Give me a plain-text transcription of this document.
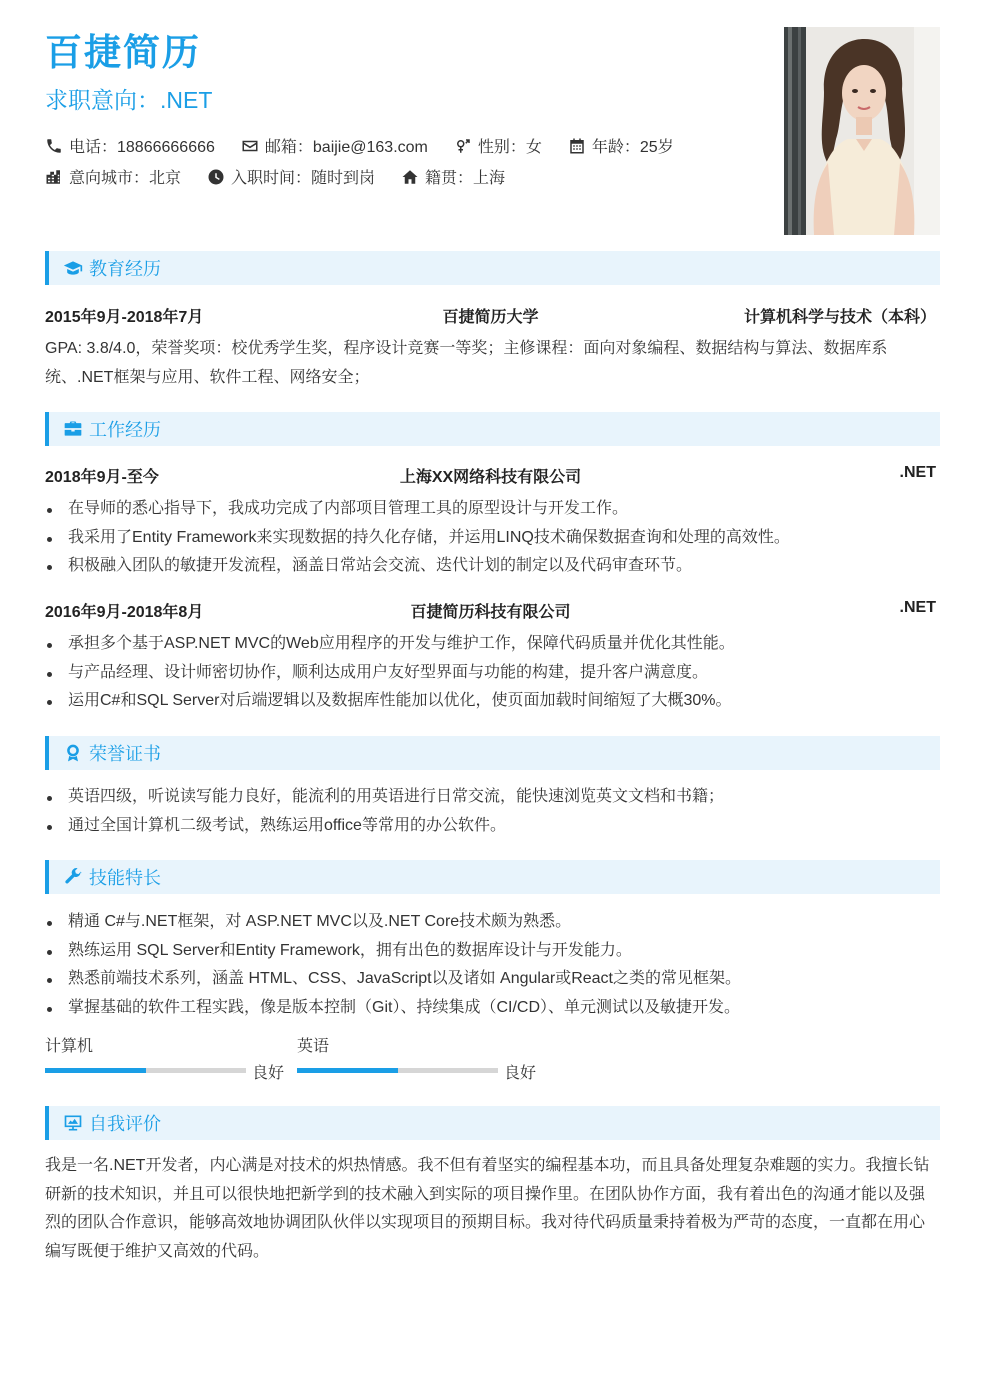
百捷简历
求职意向：.NET
电话：18866666666	邮箱：baijie@163.com	性别：女	年龄：25岁
意向城市：北京	入职时间：随时到岗	籍贯：上海
教育经历
2015年9月-2018年7月	百捷简历大学	计算机科学与技术（本科）
GPA: 3.8/4.0，荣誉奖项：校优秀学生奖，程序设计竞赛一等奖；主修课程：面向对象编程、数据结构与算法、数据库系统、.NET框架与应用、软件工程、网络安全；
工作经历
2018年9月-至今	上海XX网络科技有限公司	.NET
在导师的悉心指导下，我成功完成了内部项目管理工具的原型设计与开发工作。
我采用了Entity Framework来实现数据的持久化存储，并运用LINQ技术确保数据查询和处理的高效性。
积极融入团队的敏捷开发流程，涵盖日常站会交流、迭代计划的制定以及代码审查环节。
2016年9月-2018年8月	百捷简历科技有限公司	.NET
承担多个基于ASP.NET MVC的Web应用程序的开发与维护工作，保障代码质量并优化其性能。
与产品经理、设计师密切协作，顺利达成用户友好型界面与功能的构建，提升客户满意度。
运用C#和SQL Server对后端逻辑以及数据库性能加以优化，使页面加载时间缩短了大概30%。
荣誉证书
英语四级，听说读写能力良好，能流利的用英语进行日常交流，能快速浏览英文文档和书籍；
通过全国计算机二级考试，熟练运用office等常用的办公软件。
技能特长
精通 C#与.NET框架，对 ASP.NET MVC以及.NET Core技术颇为熟悉。
熟练运用 SQL Server和Entity Framework，拥有出色的数据库设计与开发能力。
熟悉前端技术系列，涵盖 HTML、CSS、JavaScript以及诸如 Angular或React之类的常见框架。
掌握基础的软件工程实践，像是版本控制（Git）、持续集成（CI/CD）、单元测试以及敏捷开发。
计算机
良好
英语
良好
自我评价
我是一名.NET开发者，内心满是对技术的炽热情感。我不但有着坚实的编程基本功，而且具备处理复杂难题的实力。我擅长钻研新的技术知识，并且可以很快地把新学到的技术融入到实际的项目操作里。在团队协作方面，我有着出色的沟通才能以及强烈的团队合作意识，能够高效地协调团队伙伴以实现项目的预期目标。我对待代码质量秉持着极为严苛的态度，一直都在用心编写既便于维护又高效的代码。
